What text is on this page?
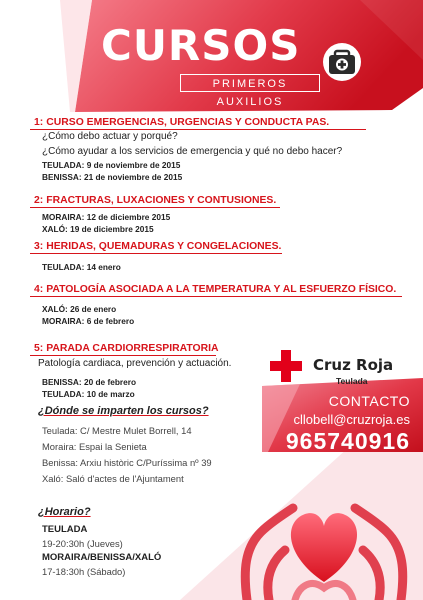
CURSOS
PRIMEROS AUXILIOS
1: CURSO EMERGENCIAS, URGENCIAS Y CONDUCTA PAS.
¿Cómo debo actuar y porqué?
¿Cómo ayudar a los servicios de emergencia y qué no debo hacer?
TEULADA: 9 de noviembre de 2015
BENISSA: 21 de noviembre de 2015
2: FRACTURAS, LUXACIONES Y CONTUSIONES.
MORAIRA: 12 de diciembre 2015
XALÓ: 19 de diciembre 2015
3: HERIDAS, QUEMADURAS Y CONGELACIONES.
TEULADA: 14 enero
4: PATOLOGÍA ASOCIADA A LA TEMPERATURA Y AL ESFUERZO FÍSICO.
XALÓ: 26 de enero
MORAIRA: 6 de febrero
5: PARADA CARDIORRESPIRATORIA
Patología cardiaca, prevención y actuación.
BENISSA: 20 de febrero
TEULADA: 10 de marzo
Cruz Roja
Teulada
CONTACTO
cllobell@cruzroja.es
965740916
¿Dónde se imparten los cursos?
Teulada: C/ Mestre Mulet Borrell, 14
Moraira: Espai la Senieta
Benissa: Arxiu històric C/Puríssima nº 39
Xaló: Saló d'actes de l'Ajuntament
¿Horario?
TEULADA
19-20:30h (Jueves)
MORAIRA/BENISSA/XALÓ
17-18:30h (Sábado)
